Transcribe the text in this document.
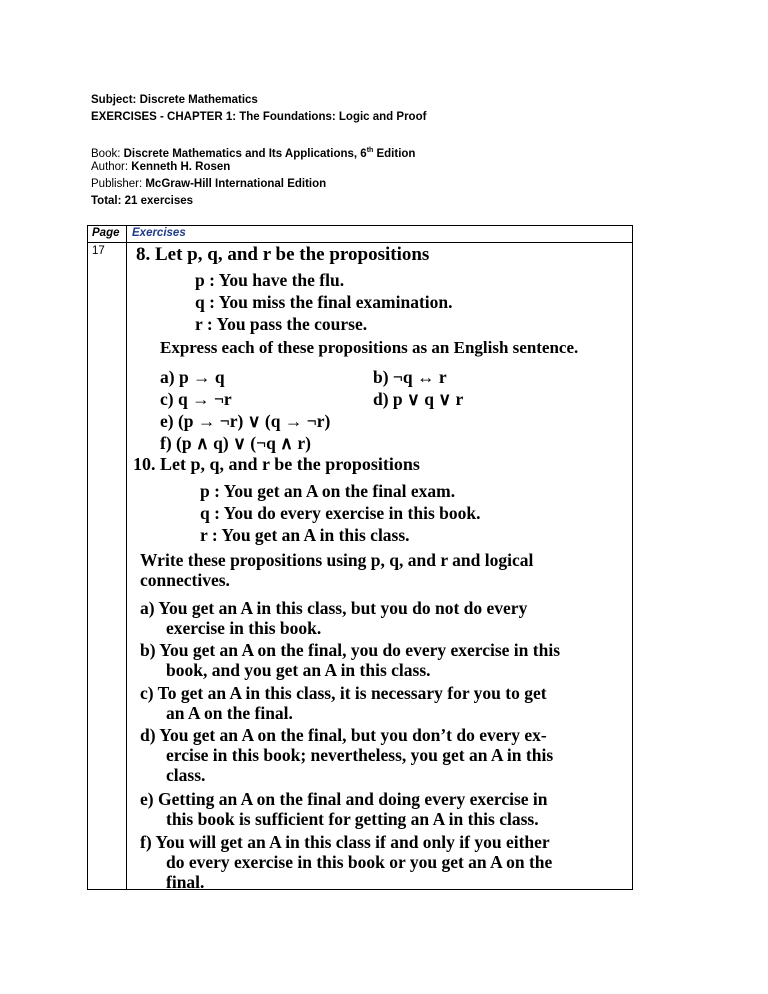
Subject: Discrete Mathematics
EXERCISES - CHAPTER 1: The Foundations: Logic and Proof
Book: Discrete Mathematics and Its Applications, 6th Edition
Author: Kenneth H. Rosen
Publisher: McGraw-Hill International Edition
Total: 21 exercises
Page Exercises
17 8. Let p, q, and r be the propositions
p : You have the flu.
q : You miss the final examination.
r : You pass the course.
Express each of these propositions as an English sentence.
a) p → q	b) ¬q ↔ r
c) q → ¬r	d) p ∨ q ∨ r
e) (p → ¬r) ∨ (q → ¬r)
f) (p ∧ q) ∨ (¬q ∧ r)
10. Let p, q, and r be the propositions
p : You get an A on the final exam.
q : You do every exercise in this book.
r : You get an A in this class.
Write these propositions using p, q, and r and logical
connectives.
a) You get an A in this class, but you do not do every
exercise in this book.
b) You get an A on the final, you do every exercise in this
book, and you get an A in this class.
c) To get an A in this class, it is necessary for you to get
an A on the final.
d) You get an A on the final, but you don’t do every ex-
ercise in this book; nevertheless, you get an A in this
class.
e) Getting an A on the final and doing every exercise in
this book is sufficient for getting an A in this class.
f) You will get an A in this class if and only if you either
do every exercise in this book or you get an A on the
final.
